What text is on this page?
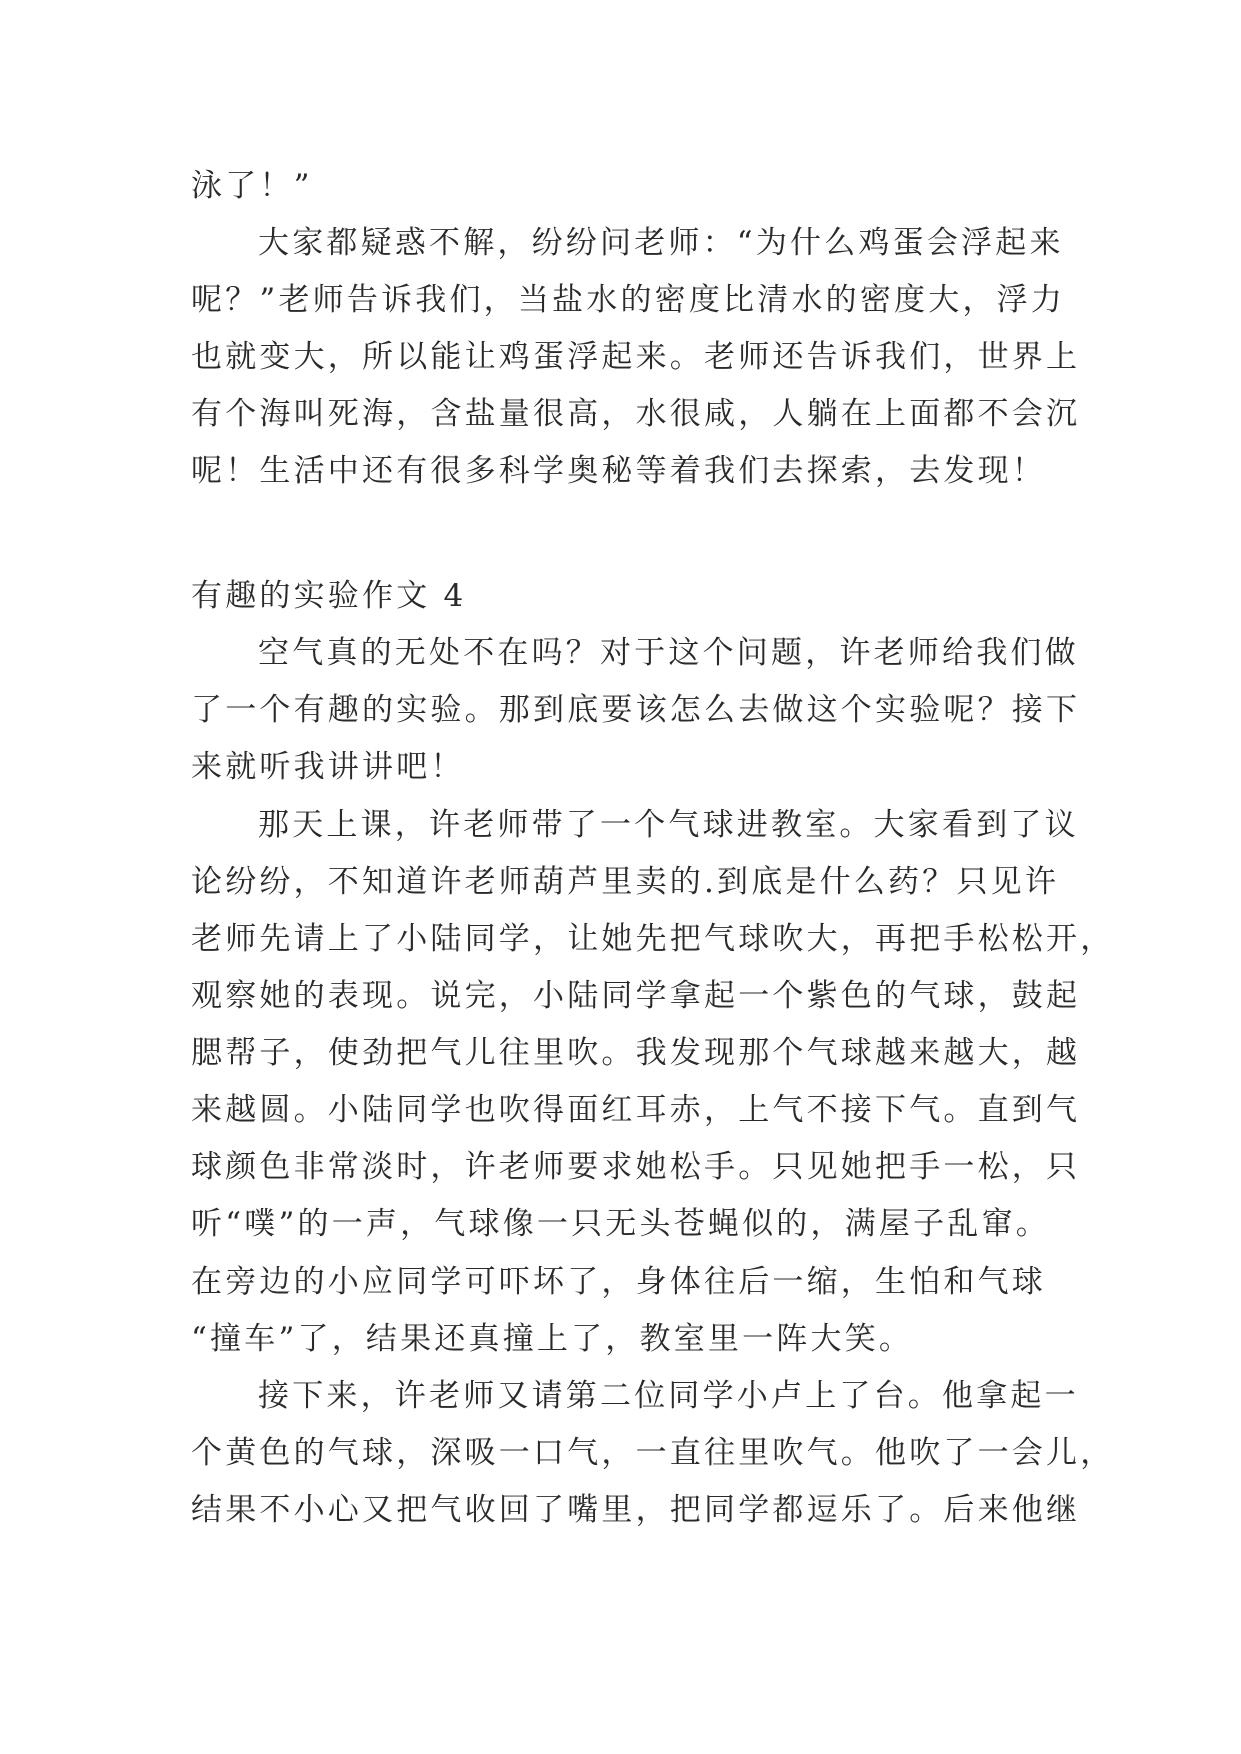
泳了！”
大家都疑惑不解，纷纷问老师：“为什么鸡蛋会浮起来
呢？”老师告诉我们，当盐水的密度比清水的密度大，浮力
也就变大，所以能让鸡蛋浮起来。老师还告诉我们，世界上
有个海叫死海，含盐量很高，水很咸，人躺在上面都不会沉
呢！生活中还有很多科学奥秘等着我们去探索，去发现！
有趣的实验作文 4
空气真的无处不在吗？对于这个问题，许老师给我们做
了一个有趣的实验。那到底要该怎么去做这个实验呢？接下
来就听我讲讲吧！
那天上课，许老师带了一个气球进教室。大家看到了议
论纷纷，不知道许老师葫芦里卖的.到底是什么药？只见许
老师先请上了小陆同学，让她先把气球吹大，再把手松松开，
观察她的表现。说完，小陆同学拿起一个紫色的气球，鼓起
腮帮子，使劲把气儿往里吹。我发现那个气球越来越大，越
来越圆。小陆同学也吹得面红耳赤，上气不接下气。直到气
球颜色非常淡时，许老师要求她松手。只见她把手一松，只
听“噗”的一声，气球像一只无头苍蝇似的，满屋子乱窜。
在旁边的小应同学可吓坏了，身体往后一缩，生怕和气球
“撞车”了，结果还真撞上了，教室里一阵大笑。
接下来，许老师又请第二位同学小卢上了台。他拿起一
个黄色的气球，深吸一口气，一直往里吹气。他吹了一会儿，
结果不小心又把气收回了嘴里，把同学都逗乐了。后来他继
